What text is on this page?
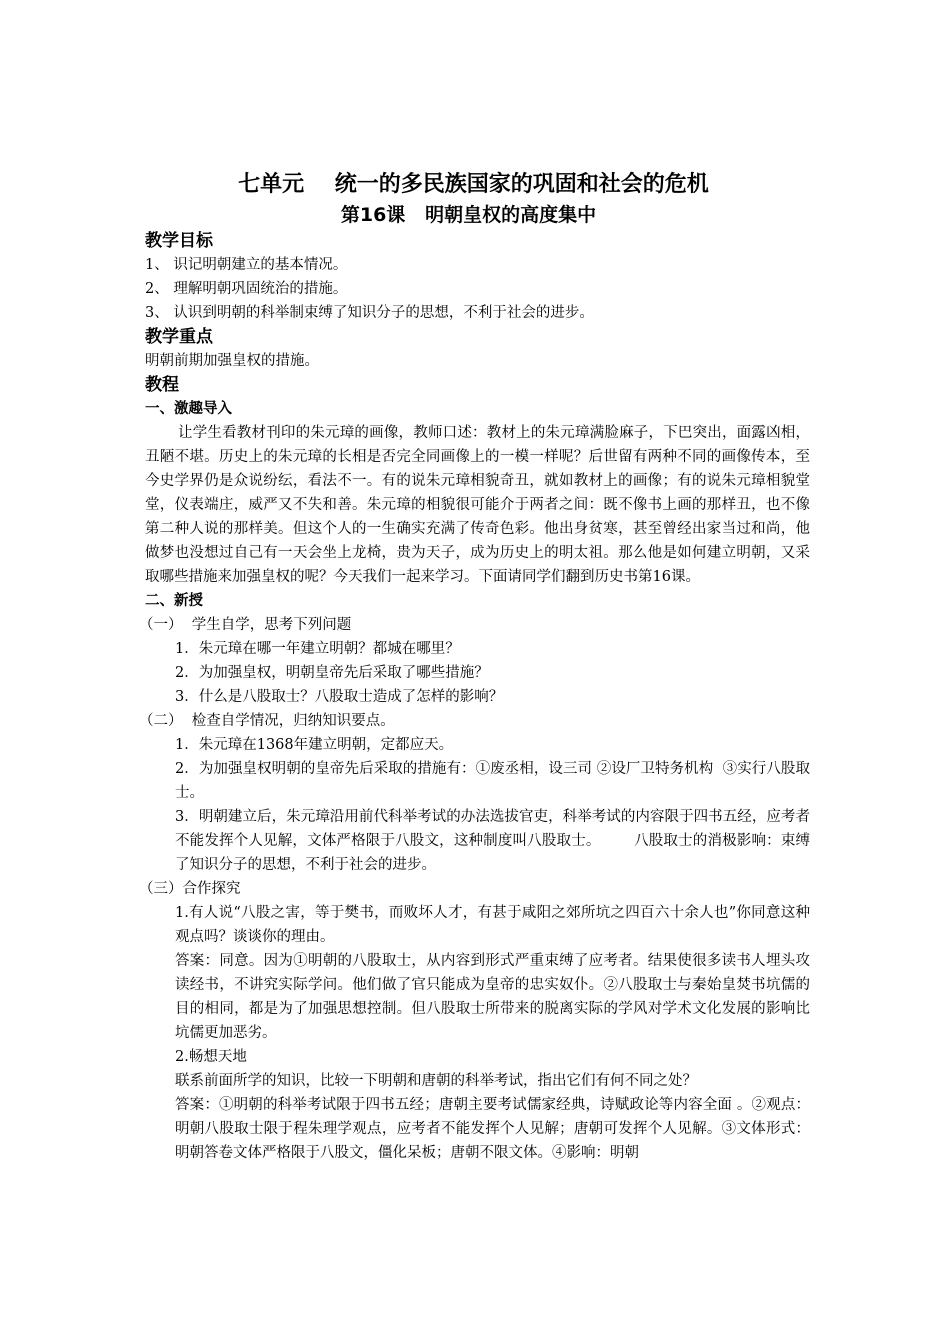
七单元    统一的多民族国家的巩固和社会的危机
第16课   明朝皇权的高度集中
教学目标

1、 识记明朝建立的基本情况。

2、 理解明朝巩固统治的措施。

3、 认识到明朝的科举制束缚了知识分子的思想，不利于社会的进步。

教学重点

明朝前期加强皇权的措施。

教程
一、激趣导入

让学生看教材刊印的朱元璋的画像，教师口述：教材上的朱元璋满脸麻子，下巴突出，面露凶相，丑陋不堪。历史上的朱元璋的长相是否完全同画像上的一模一样呢？后世留有两种不同的画像传本，至今史学界仍是众说纷纭，看法不一。有的说朱元璋相貌奇丑，就如教材上的画像；有的说朱元璋相貌堂堂，仪表端庄，威严又不失和善。朱元璋的相貌很可能介于两者之间：既不像书上画的那样丑，也不像第二种人说的那样美。但这个人的一生确实充满了传奇色彩。他出身贫寒，甚至曾经出家当过和尚，他做梦也没想过自己有一天会坐上龙椅，贵为天子，成为历史上的明太祖。那么他是如何建立明朝，又采取哪些措施来加强皇权的呢？今天我们一起来学习。下面请同学们翻到历史书第16课。

二、新授

（一）  学生自学，思考下列问题

1．朱元璋在哪一年建立明朝？都城在哪里？

2．为加强皇权，明朝皇帝先后采取了哪些措施？

3．什么是八股取士？八股取士造成了怎样的影响？

（二）  检查自学情况，归纳知识要点。

1．朱元璋在1368年建立明朝，定都应天。

2．为加强皇权明朝的皇帝先后采取的措施有：①废丞相，设三司 ②设厂卫特务机构  ③实行八股取士。

3．明朝建立后，朱元璋沿用前代科举考试的办法选拔官吏，科举考试的内容限于四书五经，应考者不能发挥个人见解，文体严格限于八股文，这种制度叫八股取士。       八股取士的消极影响：束缚了知识分子的思想，不利于社会的进步。

（三）合作探究

1.有人说“八股之害，等于樊书，而败坏人才，有甚于咸阳之郊所坑之四百六十余人也”你同意这种观点吗？谈谈你的理由。

答案：同意。因为①明朝的八股取士，从内容到形式严重束缚了应考者。结果使很多读书人埋头攻读经书，不讲究实际学问。他们做了官只能成为皇帝的忠实奴仆。②八股取士与秦始皇焚书坑儒的目的相同，都是为了加强思想控制。但八股取士所带来的脱离实际的学风对学术文化发展的影响比坑儒更加恶劣。

2.畅想天地

联系前面所学的知识，比较一下明朝和唐朝的科举考试，指出它们有何不同之处？

答案：①明朝的科举考试限于四书五经；唐朝主要考试儒家经典，诗赋政论等内容全面 。②观点：明朝八股取士限于程朱理学观点，应考者不能发挥个人见解；唐朝可发挥个人见解。③文体形式：明朝答卷文体严格限于八股文，僵化呆板；唐朝不限文体。④影响：明朝
